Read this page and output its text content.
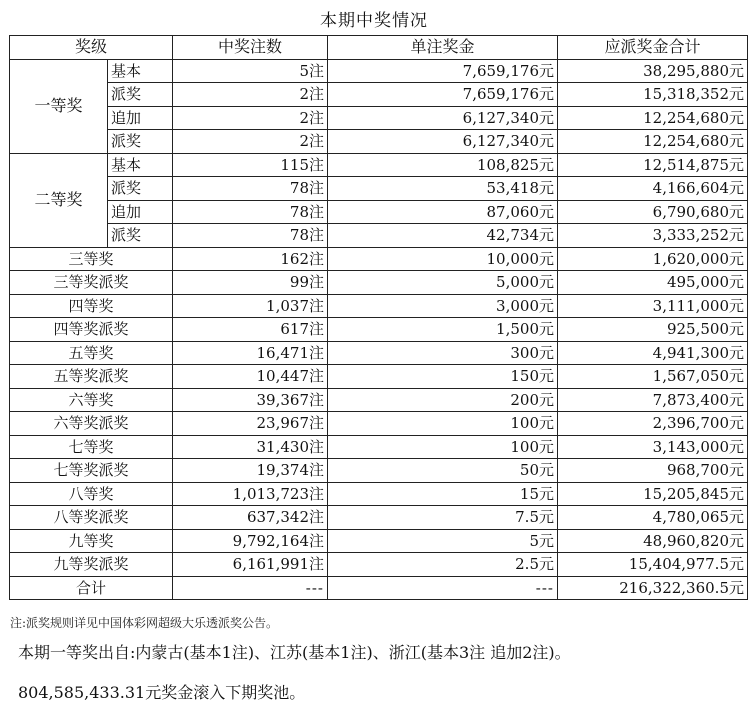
本期中奖情况
奖级		中奖注数	单注奖金	应派奖金合计
一等奖	基本	5注	7,659,176元	38,295,880元
	派奖	2注	7,659,176元	15,318,352元
	追加	2注	6,127,340元	12,254,680元
	派奖	2注	6,127,340元	12,254,680元
二等奖	基本	115注	108,825元	12,514,875元
	派奖	78注	53,418元	4,166,604元
	追加	78注	87,060元	6,790,680元
	派奖	78注	42,734元	3,333,252元
三等奖		162注	10,000元	1,620,000元
三等奖派奖		99注	5,000元	495,000元
四等奖		1,037注	3,000元	3,111,000元
四等奖派奖		617注	1,500元	925,500元
五等奖		16,471注	300元	4,941,300元
五等奖派奖		10,447注	150元	1,567,050元
六等奖		39,367注	200元	7,873,400元
六等奖派奖		23,967注	100元	2,396,700元
七等奖		31,430注	100元	3,143,000元
七等奖派奖		19,374注	50元	968,700元
八等奖		1,013,723注	15元	15,205,845元
八等奖派奖		637,342注	7.5元	4,780,065元
九等奖		9,792,164注	5元	48,960,820元
九等奖派奖		6,161,991注	2.5元	15,404,977.5元
合计		---	---	216,322,360.5元
注:派奖规则详见中国体彩网超级大乐透派奖公告。
本期一等奖出自:内蒙古(基本1注)、江苏(基本1注)、浙江(基本3注 追加2注)。
804,585,433.31元奖金滚入下期奖池。
